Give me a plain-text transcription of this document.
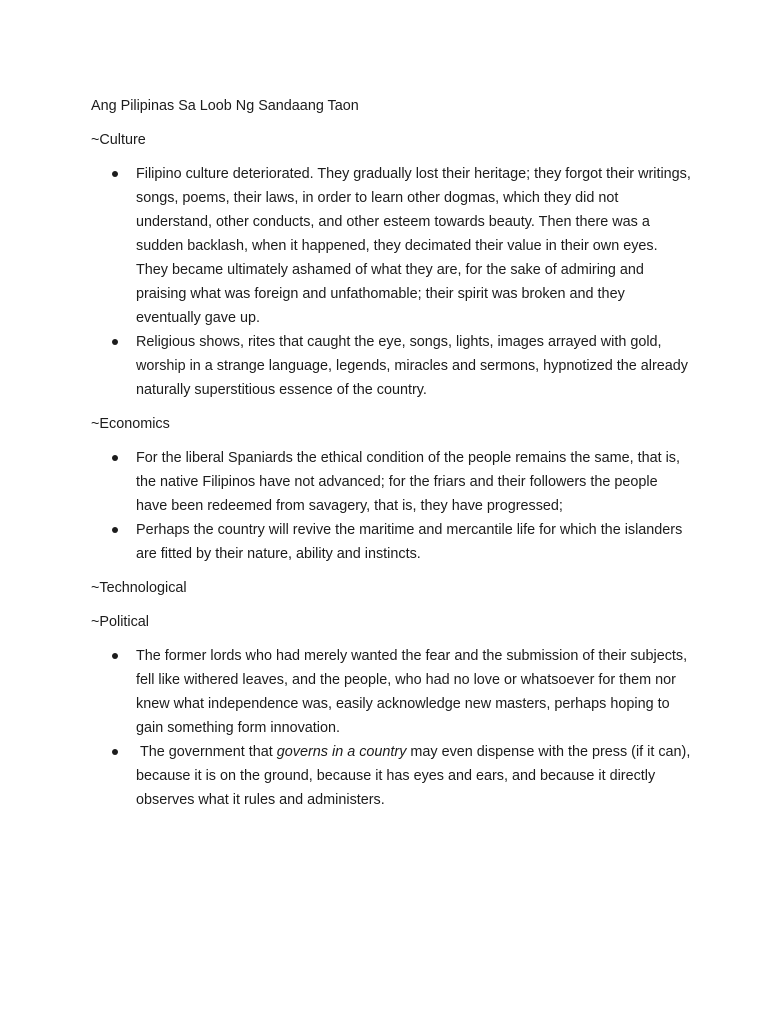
Ang Pilipinas Sa Loob Ng Sandaang Taon
~Culture
Filipino culture deteriorated. They gradually lost their heritage; they forgot their writings, songs, poems, their laws, in order to learn other dogmas, which they did not understand, other conducts, and other esteem towards beauty. Then there was a sudden backlash, when it happened, they decimated their value in their own eyes. They became ultimately ashamed of what they are, for the sake of admiring and praising what was foreign and unfathomable; their spirit was broken and they eventually gave up.
Religious shows, rites that caught the eye, songs, lights, images arrayed with gold, worship in a strange language, legends, miracles and sermons, hypnotized the already naturally superstitious essence of the country.
~Economics
For the liberal Spaniards the ethical condition of the people remains the same, that is, the native Filipinos have not advanced; for the friars and their followers the people have been redeemed from savagery, that is, they have progressed;
Perhaps the country will revive the maritime and mercantile life for which the islanders are fitted by their nature, ability and instincts.
~Technological
~Political
The former lords who had merely wanted the fear and the submission of their subjects, fell like withered leaves, and the people, who had no love or whatsoever for them nor knew what independence was, easily acknowledge new masters, perhaps hoping to gain something form innovation.
The government that governs in a country may even dispense with the press (if it can), because it is on the ground, because it has eyes and ears, and because it directly observes what it rules and administers.
